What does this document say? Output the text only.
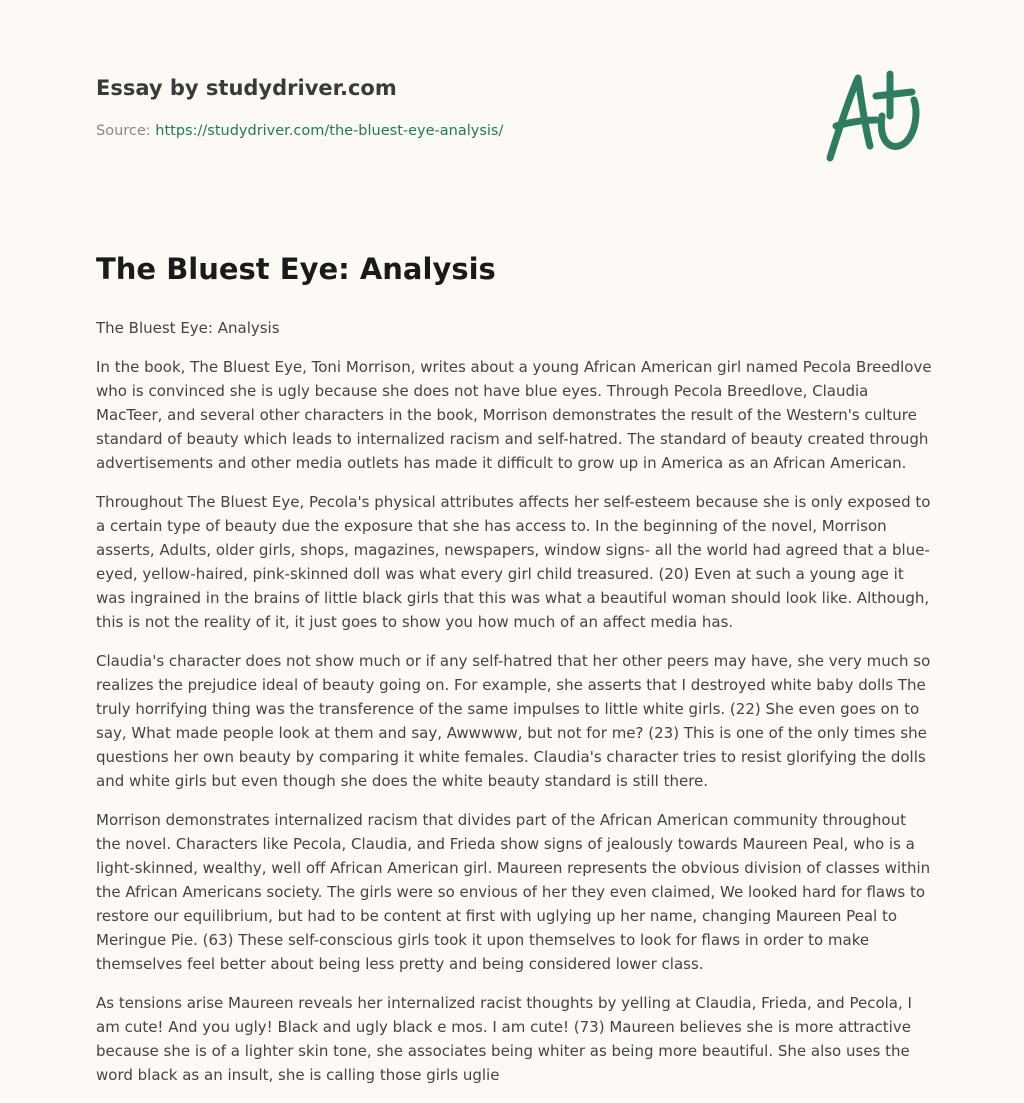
Essay by studydriver.com
Source: https://studydriver.com/the-bluest-eye-analysis/
The Bluest Eye: Analysis

The Bluest Eye: Analysis

In the book, The Bluest Eye, Toni Morrison, writes about a young African American girl named Pecola Breedlove who is convinced she is ugly because she does not have blue eyes. Through Pecola Breedlove, Claudia MacTeer, and several other characters in the book, Morrison demonstrates the result of the Western's culture standard of beauty which leads to internalized racism and self-hatred. The standard of beauty created through advertisements and other media outlets has made it difficult to grow up in America as an African American.

Throughout The Bluest Eye, Pecola's physical attributes affects her self-esteem because she is only exposed to a certain type of beauty due the exposure that she has access to. In the beginning of the novel, Morrison asserts, Adults, older girls, shops, magazines, newspapers, window signs- all the world had agreed that a blue-eyed, yellow-haired, pink-skinned doll was what every girl child treasured. (20) Even at such a young age it was ingrained in the brains of little black girls that this was what a beautiful woman should look like. Although, this is not the reality of it, it just goes to show you how much of an affect media has.

Claudia's character does not show much or if any self-hatred that her other peers may have, she very much so realizes the prejudice ideal of beauty going on. For example, she asserts that I destroyed white baby dolls The truly horrifying thing was the transference of the same impulses to little white girls. (22) She even goes on to say, What made people look at them and say, Awwwww, but not for me? (23) This is one of the only times she questions her own beauty by comparing it white females. Claudia's character tries to resist glorifying the dolls and white girls but even though she does the white beauty standard is still there.

Morrison demonstrates internalized racism that divides part of the African American community throughout the novel. Characters like Pecola, Claudia, and Frieda show signs of jealously towards Maureen Peal, who is a light-skinned, wealthy, well off African American girl. Maureen represents the obvious division of classes within the African Americans society. The girls were so envious of her they even claimed, We looked hard for flaws to restore our equilibrium, but had to be content at first with uglying up her name, changing Maureen Peal to Meringue Pie. (63) These self-conscious girls took it upon themselves to look for flaws in order to make themselves feel better about being less pretty and being considered lower class.

As tensions arise Maureen reveals her internalized racist thoughts by yelling at Claudia, Frieda, and Pecola, I am cute! And you ugly! Black and ugly black e mos. I am cute! (73) Maureen believes she is more attractive because she is of a lighter skin tone, she associates being whiter as being more beautiful. She also uses the word black as an insult, she is calling those girls uglie
